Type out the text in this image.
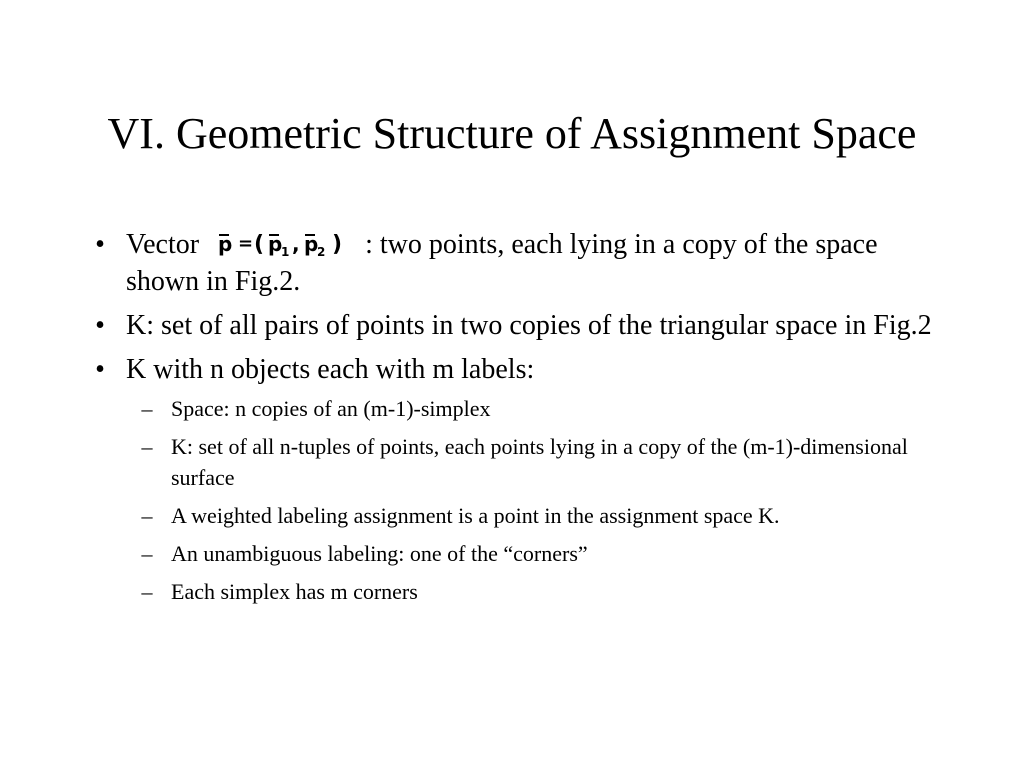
VI. Geometric Structure of Assignment Space
• Vector p = ( p
1 , p
2 ) : two points, each lying in a copy of the space shown in Fig.2.
• K: set of all pairs of points in two copies of the triangular space in Fig.2
• K with n objects each with m labels:
– Space: n copies of an (m-1)-simplex
– K: set of all n-tuples of points, each points lying in a copy of the (m-1)-dimensional surface
– A weighted labeling assignment is a point in the assignment space K.
– An unambiguous labeling: one of the “corners”
– Each simplex has m corners
